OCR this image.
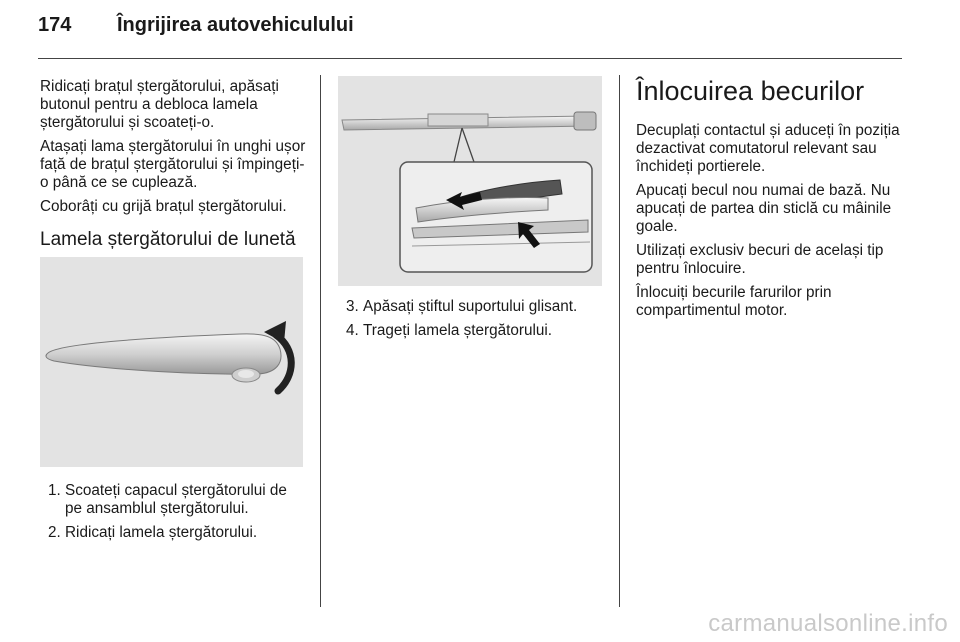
174 Îngrijirea autovehiculului

Ridicați brațul ștergătorului, apăsați butonul pentru a debloca lamela ștergătorului și scoateți-o.

Atașați lama ștergătorului în unghi ușor față de brațul ștergătorului și împingeți-o până ce se cuplează.

Coborâți cu grijă brațul ștergătorului.

Lamela ștergătorului de lunetă
1. Scoateți capacul ștergătorului de pe ansamblul ștergătorului.
2. Ridicați lamela ștergătorului.
3. Apăsați știftul suportului glisant.
4. Trageți lamela ștergătorului.
Înlocuirea becurilor

Decuplați contactul și aduceți în poziția dezactivat comutatorul relevant sau închideți portierele.

Apucați becul nou numai de bază. Nu apucați de partea din sticlă cu mâinile goale.

Utilizați exclusiv becuri de același tip pentru înlocuire.

Înlocuiți becurile farurilor prin compartimentul motor.

carmanualsonline.info
